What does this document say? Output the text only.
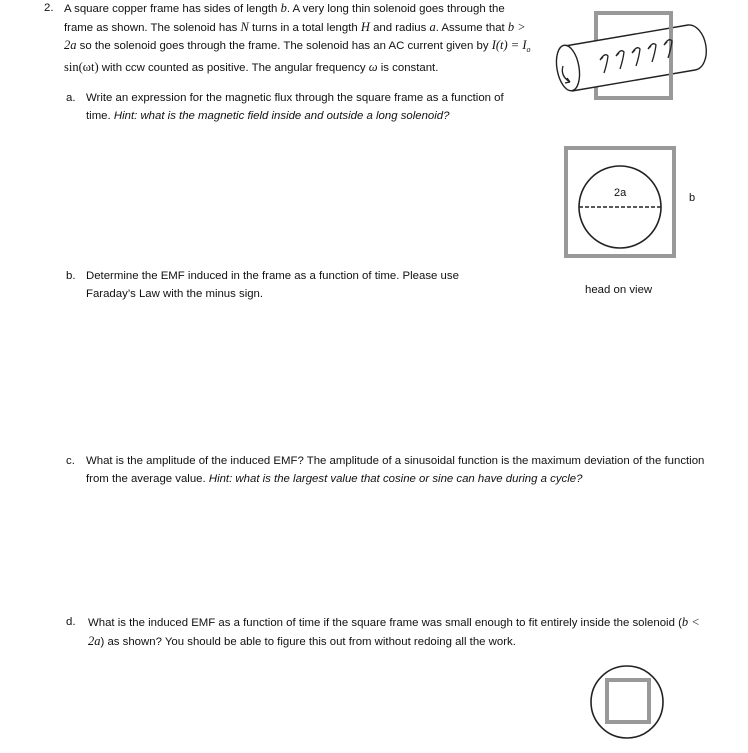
2. A square copper frame has sides of length b. A very long thin solenoid goes through the frame as shown. The solenoid has N turns in a total length H and radius a. Assume that b > 2a so the solenoid goes through the frame. The solenoid has an AC current given by $I(t) = I_o$ sin(ωt) with ccw counted as positive. The angular frequency ω is constant.
a. Write an expression for the magnetic flux through the square frame as a function of time. Hint: what is the magnetic field inside and outside a long solenoid?
b. Determine the EMF induced in the frame as a function of time. Please use Faraday’s Law with the minus sign.
c. What is the amplitude of the induced EMF? The amplitude of a sinusoidal function is the maximum deviation of the function from the average value. Hint: what is the largest value that cosine or sine can have during a cycle?
d. What is the induced EMF as a function of time if the square frame was small enough to fit entirely inside the solenoid (b < 2a) as shown? You should be able to figure this out from without redoing all the work.
2a	b
head on view
